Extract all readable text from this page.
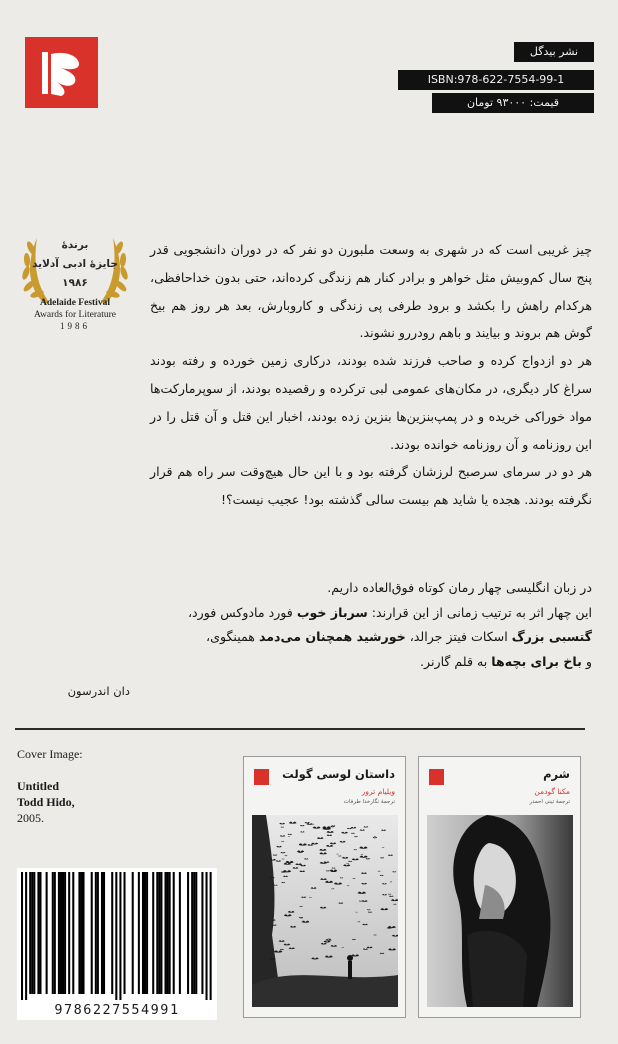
نشر بیدگل
ISBN:978-622-7554-99-1
قیمت: ۹۳۰۰۰ تومان
برندهٔ
جایزهٔ ادبی آدلاید
۱۹۸۶
Adelaide Festival
Awards for Literature
1986

چیز غریبی است که در شهری به وسعت ملبورن دو نفر که در دوران دانشجویی قدر پنج سال کم‌وبیش مثل خواهر و برادر کنار هم زندگی کرده‌اند، حتی بدون خداحافظی، هرکدام راهش را بکشد و برود طرفی پی زندگی و کاروبارش، بعد هر روز هم بیخ گوش هم بروند و بیایند و باهم رودررو نشوند.

هر دو ازدواج کرده و صاحب فرزند شده بودند، درکاری زمین خورده و رفته بودند سراغ کار دیگری، در مکان‌های عمومی لبی ترکرده و رقصیده بودند، از سوپرمارکت‌ها مواد خوراکی خریده و در پمپ‌بنزین‌ها بنزین زده بودند، اخبار این قتل و آن قتل را در این روزنامه و آن روزنامه خوانده بودند.

هر دو در سرمای سرصبح لرزشان گرفته بود و با این حال هیچ‌وقت سر راه هم قرار نگرفته بودند. هجده یا شاید هم بیست سالی گذشته بود! عجیب نیست؟!

در زبان انگلیسی چهار رمان کوتاه فوق‌العاده داریم.

این چهار اثر به ترتیب زمانی از این قرارند: سرباز خوب فورد مادوکس فورد،

گتسبی بزرگ اسکات فیتز جرالد، خورشید همچنان می‌دمد همینگوی،

و باخ برای بچه‌ها به قلم گارنر.

دان اندرسون
Cover Image:
Untitled
Todd Hido,
2005.
9786227554991
داستان لوسی گولت
ویلیام ترور
ترجمهٔ نگارخدا طرفات
شرم
مکنا گودمن
ترجمهٔ تینی احمدر
